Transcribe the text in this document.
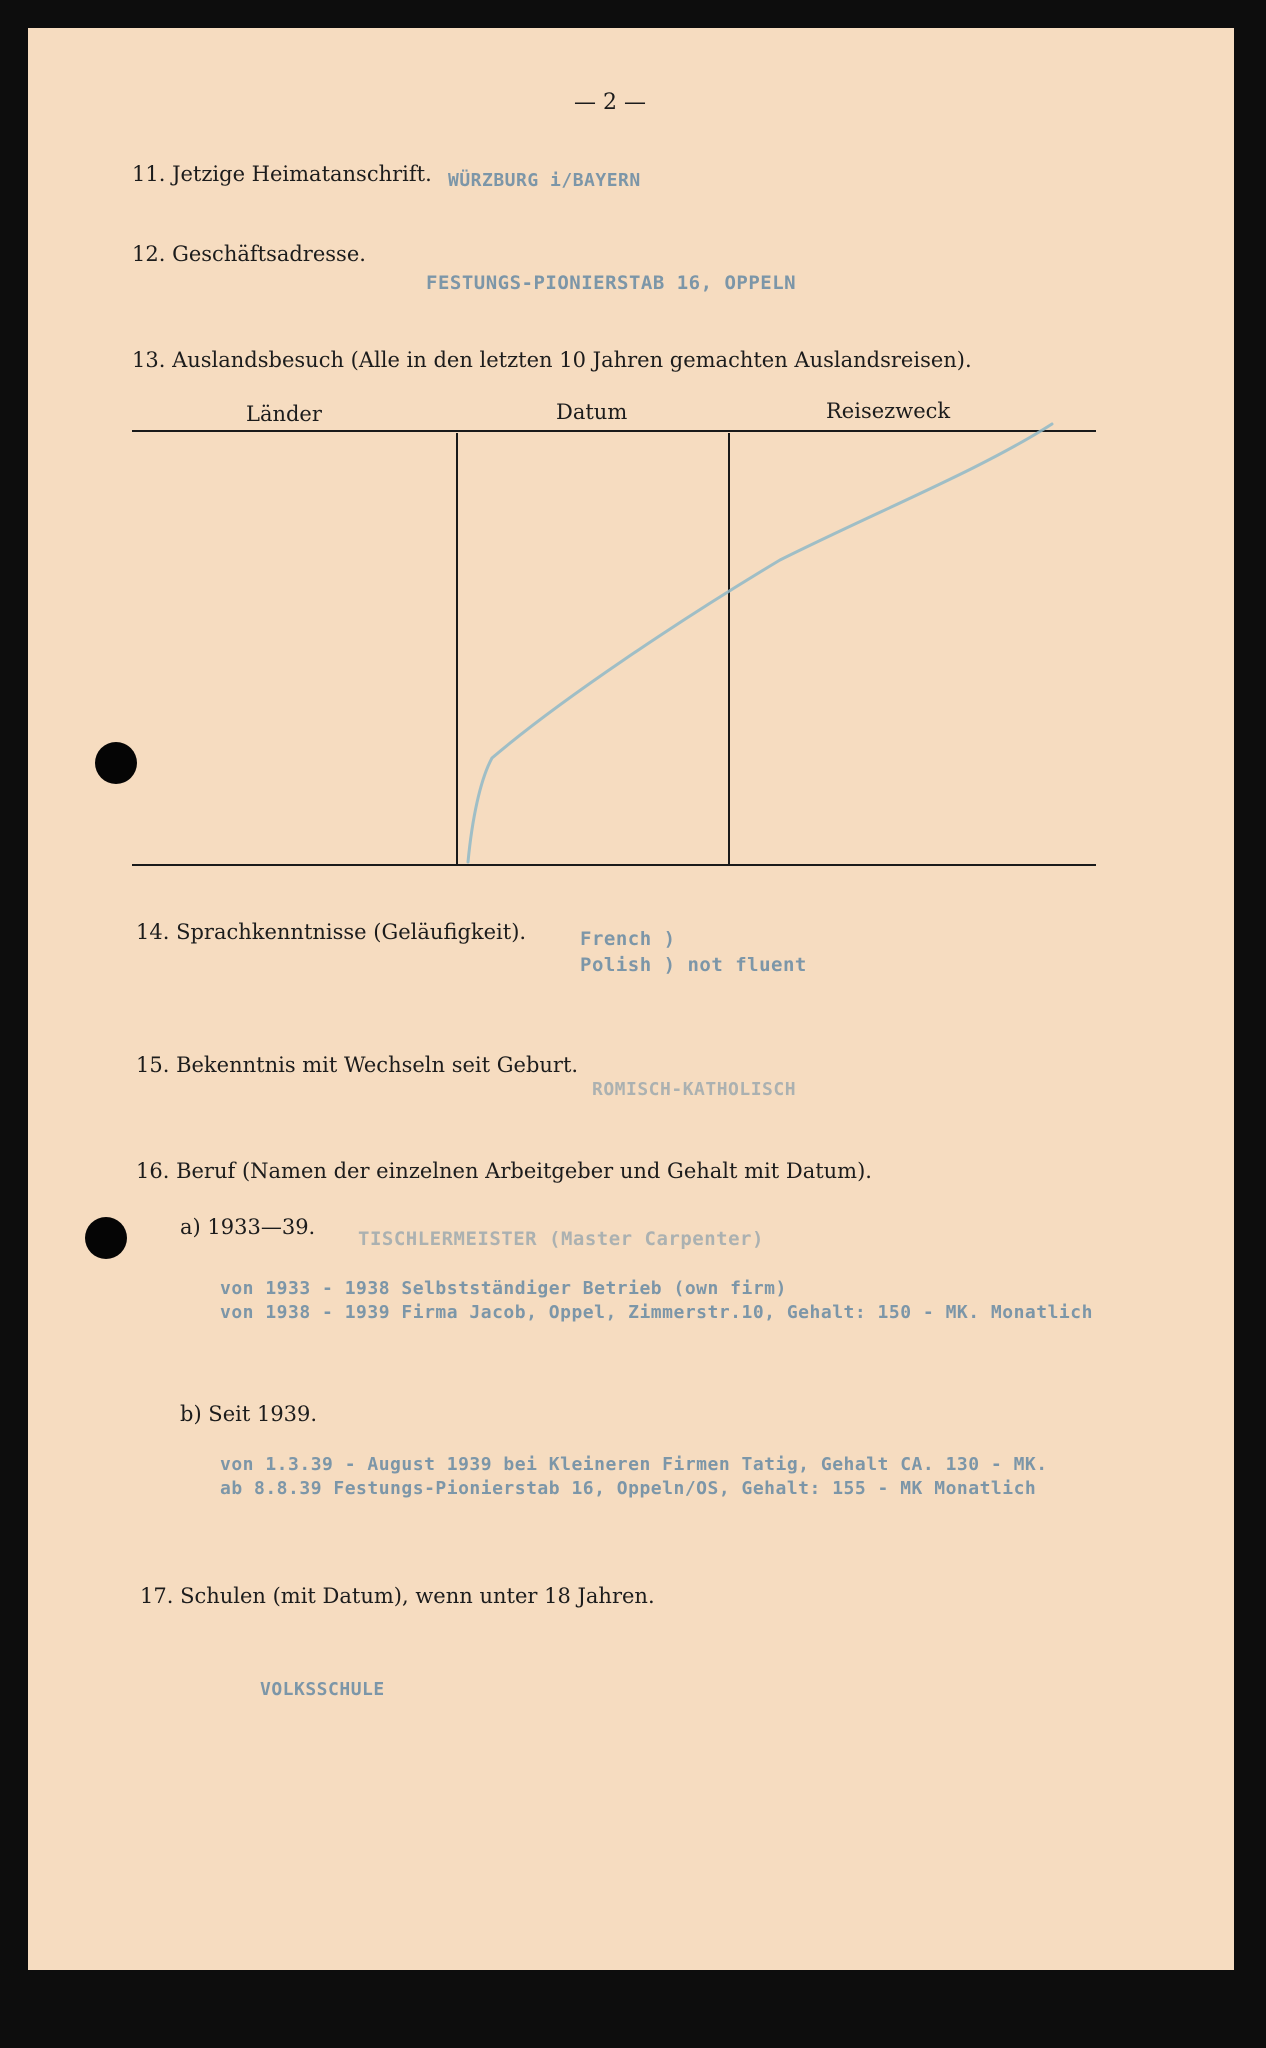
— 2 —
11. Jetzige Heimatanschrift. WÜRZBURG i/BAYERN
12. Geschäftsadresse.
FESTUNGS-PIONIERSTAB 16, OPPELN
13. Auslandsbesuch (Alle in den letzten 10 Jahren gemachten Auslandsreisen).
Länder	Datum	Reisezweck
14. Sprachkenntnisse (Geläufigkeit).	French )
Polish ) not fluent
15. Bekenntnis mit Wechseln seit Geburt.
ROMISCH-KATHOLISCH
16. Beruf (Namen der einzelnen Arbeitgeber und Gehalt mit Datum).
a) 1933—39. TISCHLERMEISTER (Master Carpenter)
von 1933 - 1938 Selbstständiger Betrieb (own firm)
von 1938 - 1939 Firma Jacob, Oppel, Zimmerstr.10, Gehalt: 150 - MK. Monatlich
b) Seit 1939.
von 1.3.39 - August 1939 bei Kleineren Firmen Tatig, Gehalt CA. 130 - MK.
ab 8.8.39 Festungs-Pionierstab 16, Oppeln/OS, Gehalt: 155 - MK Monatlich
17. Schulen (mit Datum), wenn unter 18 Jahren.
VOLKSSCHULE
